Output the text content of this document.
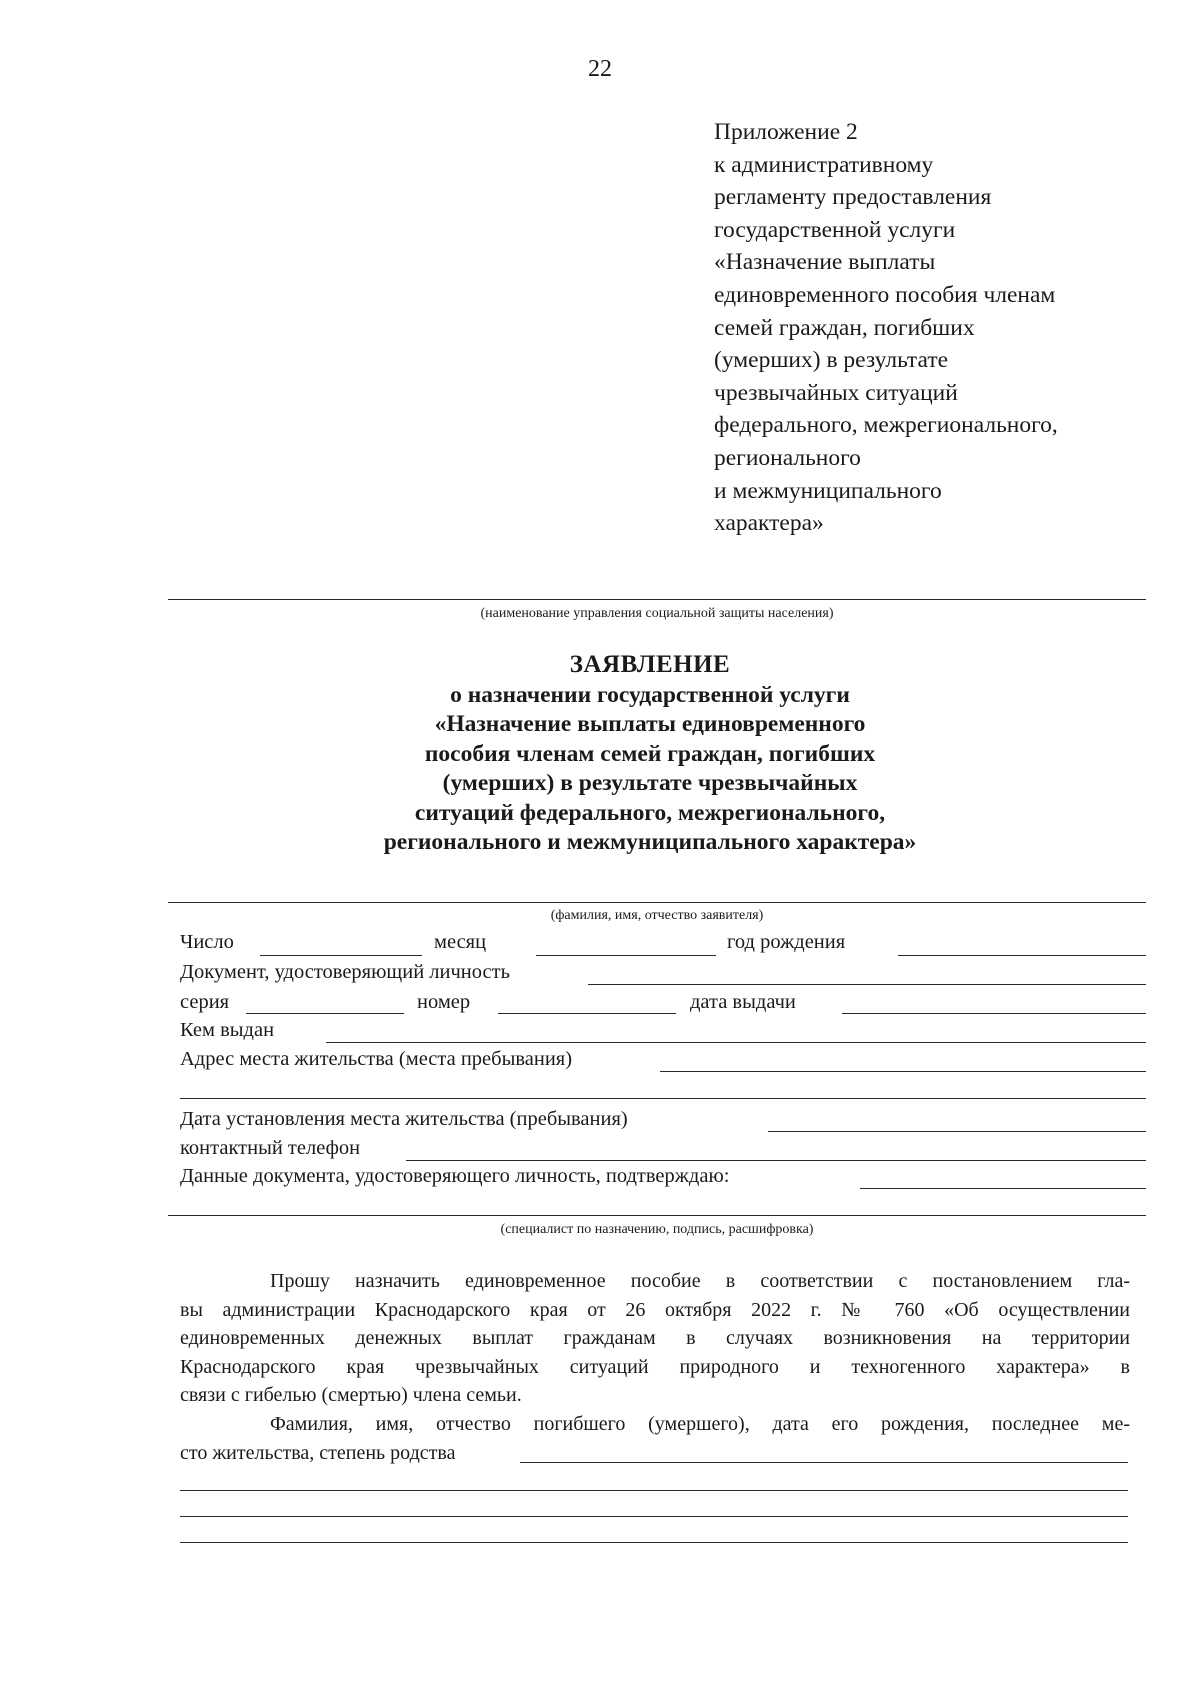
22
Приложение 2
к административному
регламенту предоставления
государственной услуги
«Назначение выплаты
единовременного пособия членам
семей граждан, погибших
(умерших) в результате
чрезвычайных ситуаций
федерального, межрегионального,
регионального
и межмуниципального
характера»
(наименование управления социальной защиты населения)
ЗАЯВЛЕНИЕ
о назначении государственной услуги
«Назначение выплаты единовременного
пособия членам семей граждан, погибших
(умерших) в результате чрезвычайных
ситуаций федерального, межрегионального,
регионального и межмуниципального характера»
(фамилия, имя, отчество заявителя)
Число	месяц	год рождения
Документ, удостоверяющий личность
серия	номер	дата выдачи
Кем выдан
Адрес места жительства (места пребывания)
Дата установления места жительства (пребывания)
контактный телефон
Данные документа, удостоверяющего личность, подтверждаю:
(специалист по назначению, подпись, расшифровка)
Прошу назначить единовременное пособие в соответствии с постановлением гла-
вы администрации Краснодарского края от 26 октября 2022 г. № 760 «Об осуществлении
единовременных денежных выплат гражданам в случаях возникновения на территории
Краснодарского края чрезвычайных ситуаций природного и техногенного характера» в
связи с гибелью (смертью) члена семьи.
Фамилия, имя, отчество погибшего (умершего), дата его рождения, последнее ме-
сто жительства, степень родства
